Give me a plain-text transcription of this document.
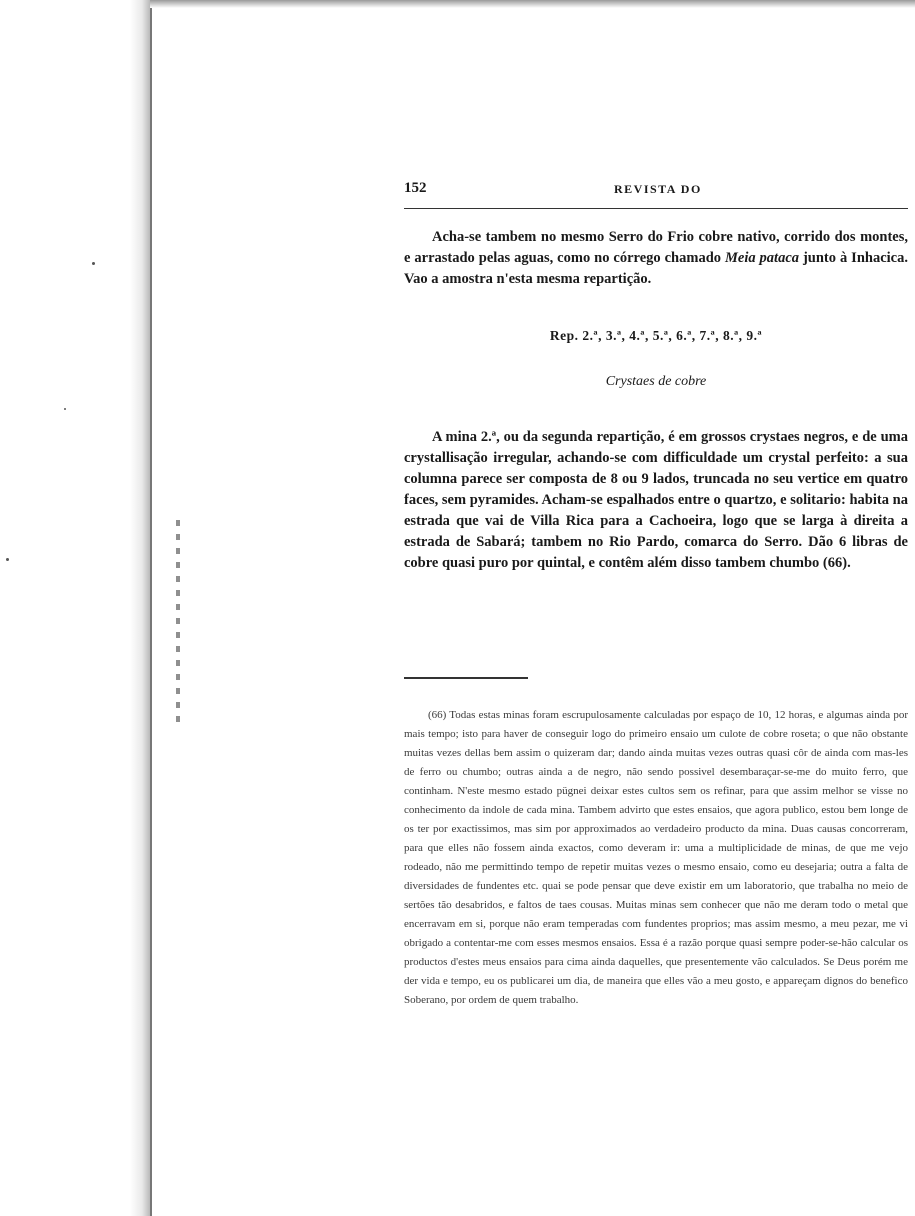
152	REVISTA DO

Acha-se tambem no mesmo Serro do Frio cobre nativo, corrido dos montes, e arrastado pelas aguas, como no córrego chamado Meia pataca junto à Inhacica. Vao a amostra n'esta mesma repartição.

Rep. 2.ª, 3.ª, 4.ª, 5.ª, 6.ª, 7.ª, 8.ª, 9.ª
Crystaes de cobre

A mina 2.ª, ou da segunda repartição, é em grossos crystaes negros, e de uma crystallisação irregular, achando-se com difficuldade um crystal perfeito: a sua columna parece ser composta de 8 ou 9 lados, truncada no seu vertice em quatro faces, sem pyramides. Acham-se espalhados entre o quartzo, e solitario: habita na estrada que vai de Villa Rica para a Cachoeira, logo que se larga à direita a estrada de Sabará; tambem no Rio Pardo, comarca do Serro. Dão 6 libras de cobre quasi puro por quintal, e contêm além disso tambem chumbo (66).

(66) Todas estas minas foram escrupulosamente calculadas por espaço de 10, 12 horas, e algumas ainda por mais tempo; isto para haver de conseguir logo do primeiro ensaio um culote de cobre roseta; o que não obstante muitas vezes dellas bem assim o quizeram dar; dando ainda muitas vezes outras quasi côr de ainda com mas-les de ferro ou chumbo; outras ainda a de negro, não sendo possivel desembaraçar-se-me do muito ferro, que continham. N'este mesmo estado pügnei deixar estes cultos sem os refinar, para que assim melhor se visse no conhecimento da indole de cada mina. Tambem advirto que estes ensaios, que agora publico, estou bem longe de os ter por exactissimos, mas sim por approximados ao verdadeiro producto da mina. Duas causas concorreram, para que elles não fossem ainda exactos, como deveram ir: uma a multiplicidade de minas, de que me vejo rodeado, não me permittindo tempo de repetir muitas vezes o mesmo ensaio, como eu desejaria; outra a falta de diversidades de fundentes etc. quai se pode pensar que deve existir em um laboratorio, que trabalha no meio de sertões tão desabridos, e faltos de taes cousas. Muitas minas sem conhecer que não me deram todo o metal que encerravam em si, porque não eram temperadas com fundentes proprios; mas assim mesmo, a meu pezar, me vi obrigado a contentar-me com esses mesmos ensaios. Essa é a razão porque quasi sempre poder-se-hão calcular os productos d'estes meus ensaios para cima ainda daquelles, que presentemente vão calculados. Se Deus porém me der vida e tempo, eu os publicarei um dia, de maneira que elles vão a meu gosto, e appareçam dignos do benefico Soberano, por ordem de quem trabalho.
